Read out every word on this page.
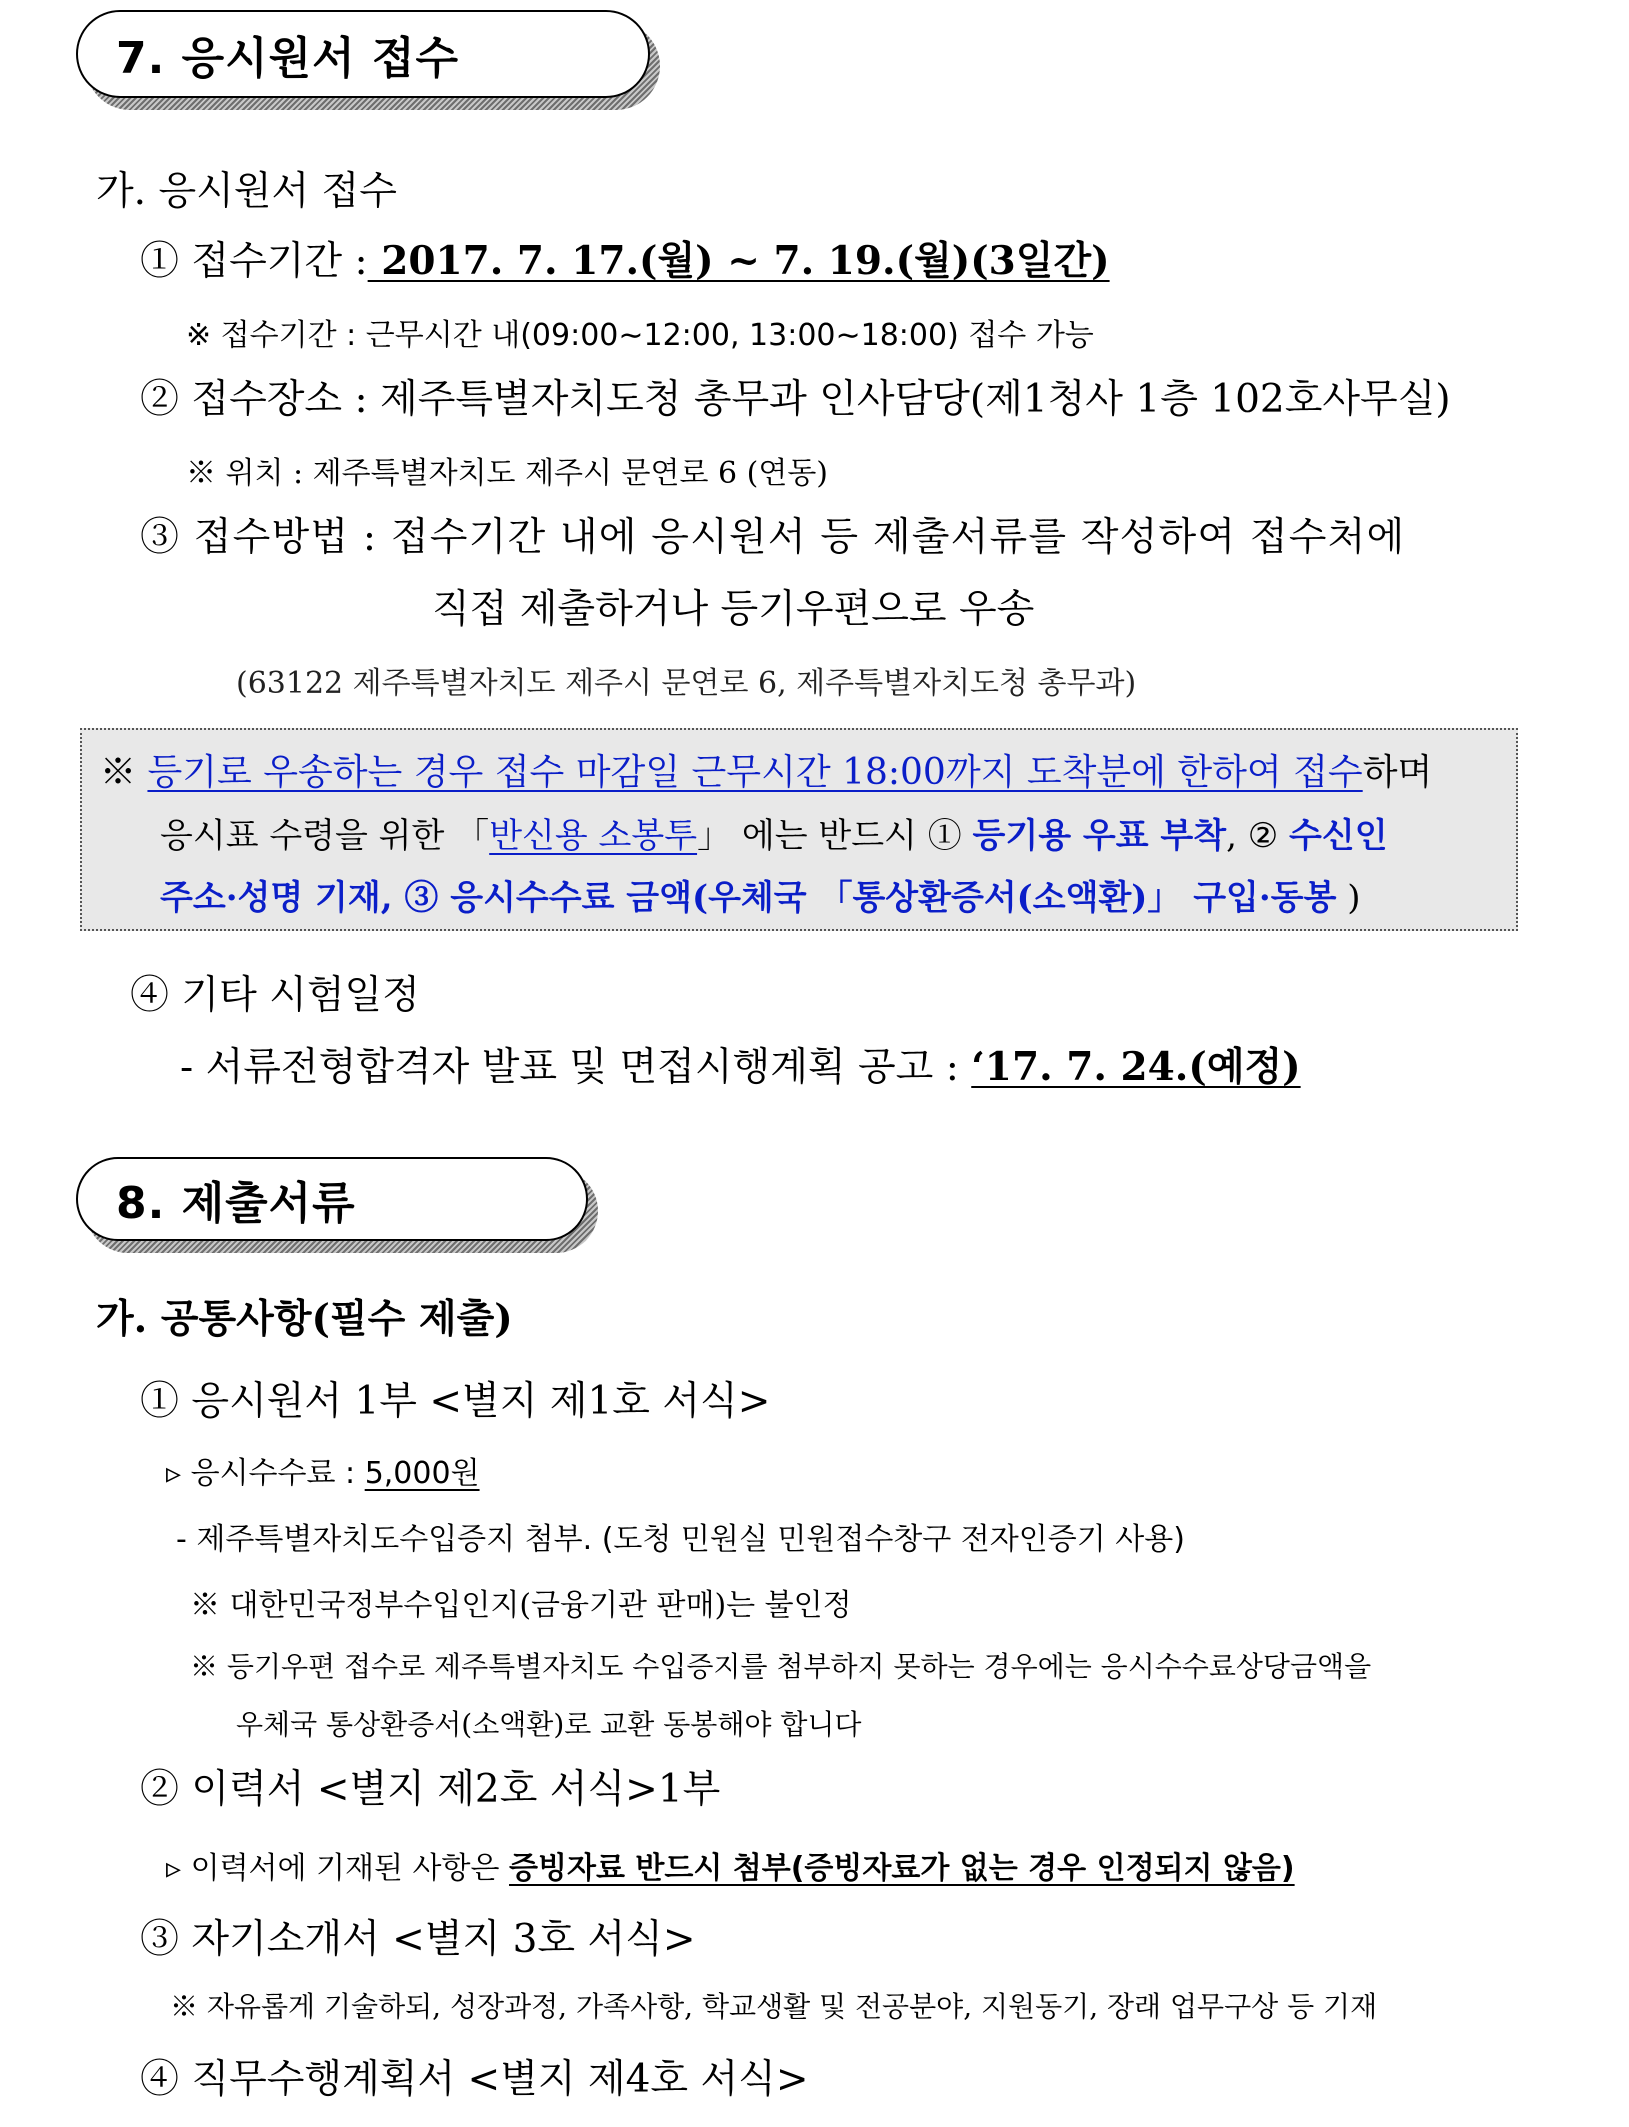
7. 응시원서 접수
가. 응시원서 접수
① 접수기간 : 2017. 7. 17.(월) ~ 7. 19.(월)(3일간)
※ 접수기간 : 근무시간 내(09:00∼12:00, 13:00∼18:00) 접수 가능
② 접수장소 : 제주특별자치도청 총무과 인사담당(제1청사 1층 102호사무실)
※ 위치 : 제주특별자치도 제주시 문연로 6 (연동)
③ 접수방법 : 접수기간 내에 응시원서 등 제출서류를 작성하여 접수처에
직접 제출하거나 등기우편으로 우송
(63122 제주특별자치도 제주시 문연로 6, 제주특별자치도청 총무과)
※ 등기로 우송하는 경우 접수 마감일 근무시간 18:00까지 도착분에 한하여 접수하며
응시표 수령을 위한 「반신용 소봉투」 에는 반드시 ① 등기용 우표 부착, ② 수신인
주소·성명 기재, ③ 응시수수료 금액(우체국 「통상환증서(소액환)」 구입·동봉 )
④ 기타 시험일정
- 서류전형합격자 발표 및 면접시행계획 공고 : ‘17. 7. 24.(예정)
8. 제출서류
가. 공통사항(필수 제출)
① 응시원서 1부 <별지 제1호 서식>
▹ 응시수수료 : 5,000원
- 제주특별자치도수입증지 첨부. (도청 민원실 민원접수창구 전자인증기 사용)
※ 대한민국정부수입인지(금융기관 판매)는 불인정
※ 등기우편 접수로 제주특별자치도 수입증지를 첨부하지 못하는 경우에는 응시수수료상당금액을
우체국 통상환증서(소액환)로 교환 동봉해야 합니다
② 이력서 <별지 제2호 서식>1부
▹ 이력서에 기재된 사항은 증빙자료 반드시 첨부(증빙자료가 없는 경우 인정되지 않음)
③ 자기소개서 <별지 3호 서식>
※ 자유롭게 기술하되, 성장과정, 가족사항, 학교생활 및 전공분야, 지원동기, 장래 업무구상 등 기재
④ 직무수행계획서 <별지 제4호 서식>
